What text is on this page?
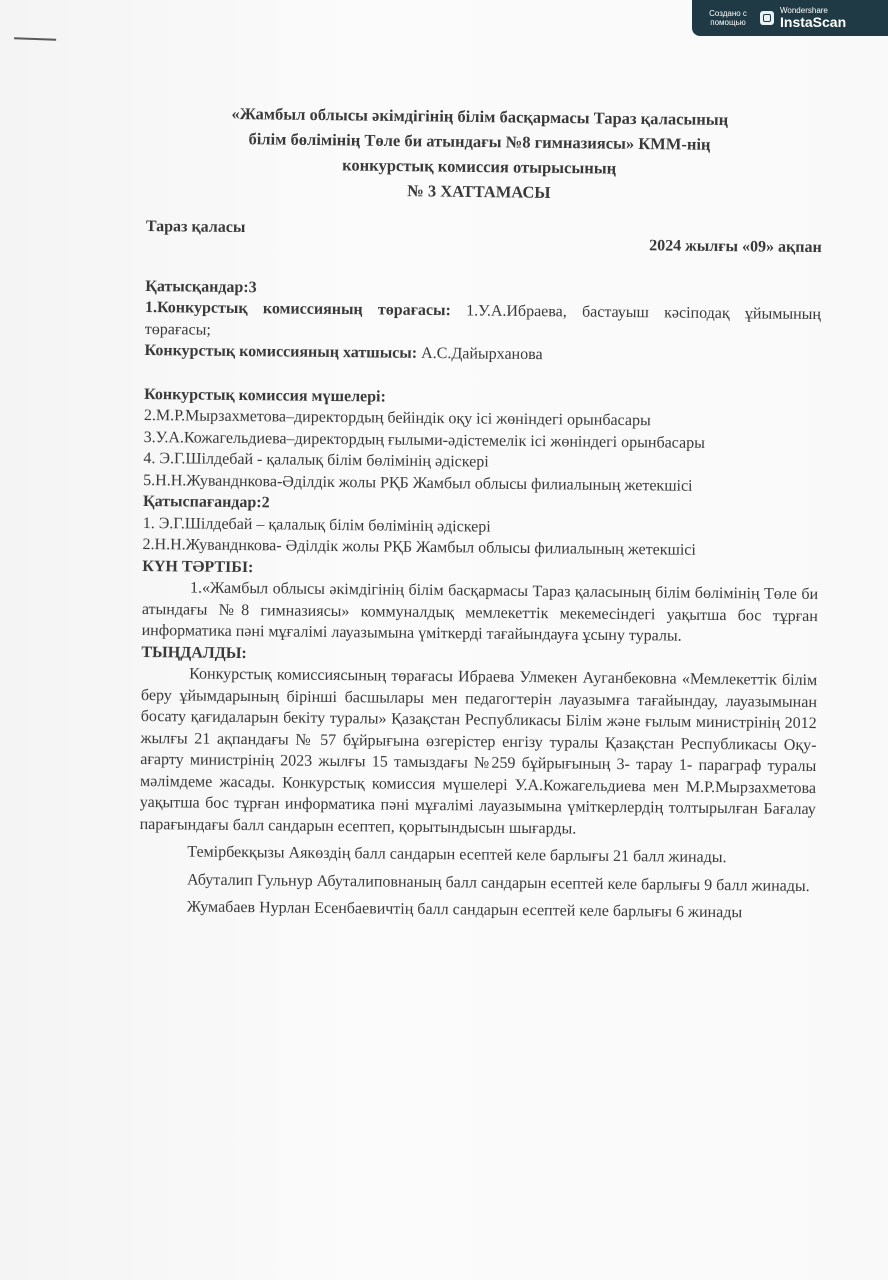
Создано с помощью
Wondershare
InstaScan
«Жамбыл облысы әкімдігінің білім басқармасы Тараз қаласының
білім бөлімінің Төле би атындағы №8 гимназиясы» КММ-нің
конкурстық комиссия отырысының
№ 3 ХАТТАМАСЫ
Тараз қаласы
2024 жылғы «09» ақпан

Қатысқандар:3

1.Конкурстық комиссияның төрағасы: 1.У.А.Ибраева, бастауыш кәсіподақ ұйымының төрағасы;

Конкурстық комиссияның хатшысы: А.С.Дайырханова

Конкурстық комиссия мүшелері:

2.М.Р.Мырзахметова–директордың бейіндік оқу ісі жөніндегі орынбасары

3.У.А.Кожагельдиева–директордың ғылыми-әдістемелік ісі жөніндегі орынбасары

4. Э.Г.Шілдебай - қалалық білім бөлімінің әдіскері

5.Н.Н.Жуванднкова-Әділдік жолы РҚБ Жамбыл облысы филиалының жетекшісі

Қатыспағандар:2

1. Э.Г.Шілдебай – қалалық білім бөлімінің әдіскері

2.Н.Н.Жуванднкова- Әділдік жолы РҚБ Жамбыл облысы филиалының жетекшісі

КҮН ТӘРТІБІ:

1.«Жамбыл облысы әкімдігінің білім басқармасы Тараз қаласының білім бөлімінің Төле би атындағы №8 гимназиясы» коммуналдық мемлекеттік мекемесіндегі уақытша бос тұрған информатика пәні мұғалімі лауазымына үміткерді тағайындауға ұсыну туралы.

ТЫҢДАЛДЫ:

Конкурстық комиссиясының төрағасы Ибраева Улмекен Ауганбековна «Мемлекеттік білім беру ұйымдарының бірінші басшылары мен педагогтерін лауазымға тағайындау, лауазымынан босату қағидаларын бекіту туралы» Қазақстан Республикасы Білім және ғылым министрінің 2012 жылғы 21 ақпандағы № 57 бұйрығына өзгерістер енгізу туралы Қазақстан Республикасы Оқу-ағарту министрінің 2023 жылғы 15 тамыздағы №259 бұйрығының 3- тарау 1- параграф туралы мәлімдеме жасады. Конкурстық комиссия мүшелері У.А.Кожагельдиева мен М.Р.Мырзахметова уақытша бос тұрған информатика пәні мұғалімі лауазымына үміткерлердің толтырылған Бағалау парағындағы балл сандарын есептеп, қорытындысын шығарды.

Темірбекқызы Аякөздің балл сандарын есептей келе барлығы 21 балл жинады.

Абуталип Гульнур Абуталиповнаның балл сандарын есептей келе барлығы 9 балл жинады.

Жумабаев Нурлан Есенбаевичтің балл сандарын есептей келе барлығы 6 жинады
